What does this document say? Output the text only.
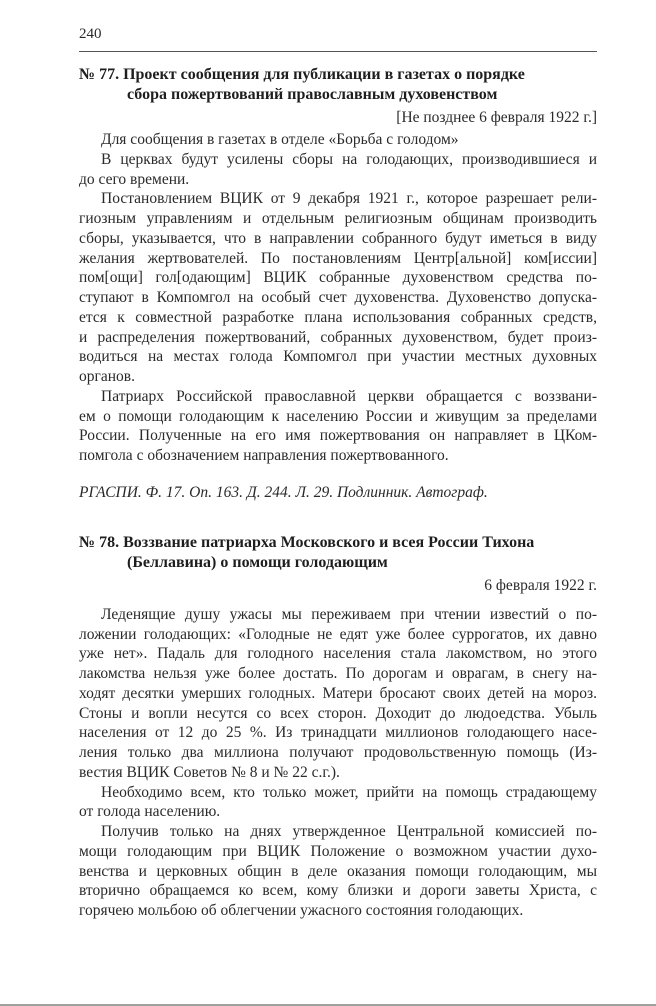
240
№ 77. Проект сообщения для публикации в газетах о порядке
сбора пожертвований православным духовенством
[Не позднее 6 февраля 1922 г.]
Для сообщения в газетах в отделе «Борьба с голодом»
В церквах будут усилены сборы на голодающих, производившиеся и
до сего времени.
Постановлением ВЦИК от 9 декабря 1921 г., которое разрешает рели-
гиозным управлениям и отдельным религиозным общинам производить
сборы, указывается, что в направлении собранного будут иметься в виду
желания жертвователей. По постановлениям Центр[альной] ком[иссии]
пом[ощи] гол[одающим] ВЦИК собранные духовенством средства по-
ступают в Компомгол на особый счет духовенства. Духовенство допуска-
ется к совместной разработке плана использования собранных средств,
и распределения пожертвований, собранных духовенством, будет произ-
водиться на местах голода Компомгол при участии местных духовных
органов.
Патриарх Российской православной церкви обращается с воззвани-
ем о помощи голодающим к населению России и живущим за пределами
России. Полученные на его имя пожертвования он направляет в ЦКом-
помгола с обозначением направления пожертвованного.
РГАСПИ. Ф. 17. Оп. 163. Д. 244. Л. 29. Подлинник. Автограф.
№ 78. Воззвание патриарха Московского и всея России Тихона
(Беллавина) о помощи голодающим
6 февраля 1922 г.
Леденящие душу ужасы мы переживаем при чтении известий о по-
ложении голодающих: «Голодные не едят уже более суррогатов, их давно
уже нет». Падаль для голодного населения стала лакомством, но этого
лакомства нельзя уже более достать. По дорогам и оврагам, в снегу на-
ходят десятки умерших голодных. Матери бросают своих детей на мороз.
Стоны и вопли несутся со всех сторон. Доходит до людоедства. Убыль
населения от 12 до 25 %. Из тринадцати миллионов голодающего насе-
ления только два миллиона получают продовольственную помощь (Из-
вестия ВЦИК Советов № 8 и № 22 с.г.).
Необходимо всем, кто только может, прийти на помощь страдающему
от голода населению.
Получив только на днях утвержденное Центральной комиссией по-
мощи голодающим при ВЦИК Положение о возможном участии духо-
венства и церковных общин в деле оказания помощи голодающим, мы
вторично обращаемся ко всем, кому близки и дороги заветы Христа, с
горячею мольбою об облегчении ужасного состояния голодающих.
